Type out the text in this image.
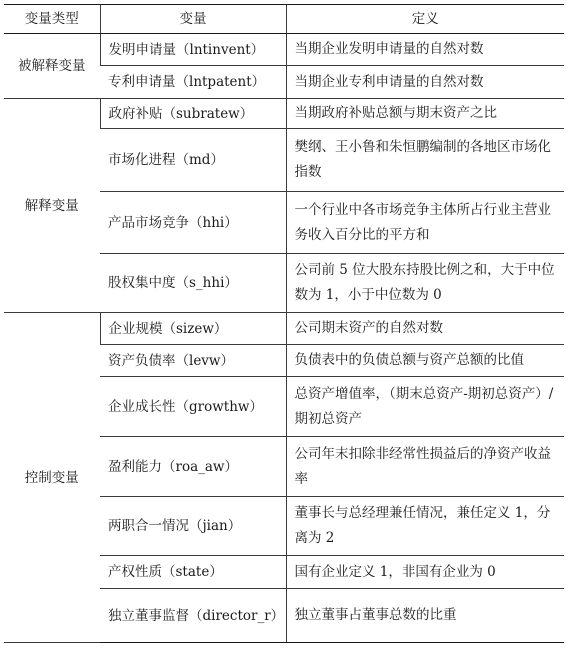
变量类型	变量	定义
被解释变量	发明申请量（lntinvent）	当期企业发明申请量的自然对数
	专利申请量（lntpatent）	当期企业专利申请量的自然对数
解释变量	政府补贴（subratew）	当期政府补贴总额与期末资产之比
	市场化进程（md）	樊纲、王小鲁和朱恒鹏编制的各地区市场化指数
	产品市场竞争（hhi）	一个行业中各市场竞争主体所占行业主营业务收入百分比的平方和
	股权集中度（s_hhi）	公司前 5 位大股东持股比例之和，大于中位数为 1，小于中位数为 0
控制变量	企业规模（sizew）	公司期末资产的自然对数
	资产负债率（levw）	负债表中的负债总额与资产总额的比值
	企业成长性（growthw）	总资产增值率，（期末总资产-期初总资产）/期初总资产
	盈利能力（roa_aw）	公司年末扣除非经常性损益后的净资产收益率
	两职合一情况（jian）	董事长与总经理兼任情况，兼任定义 1，分离为 2
	产权性质（state）	国有企业定义 1，非国有企业为 0
	独立董事监督（director_r）	独立董事占董事总数的比重
